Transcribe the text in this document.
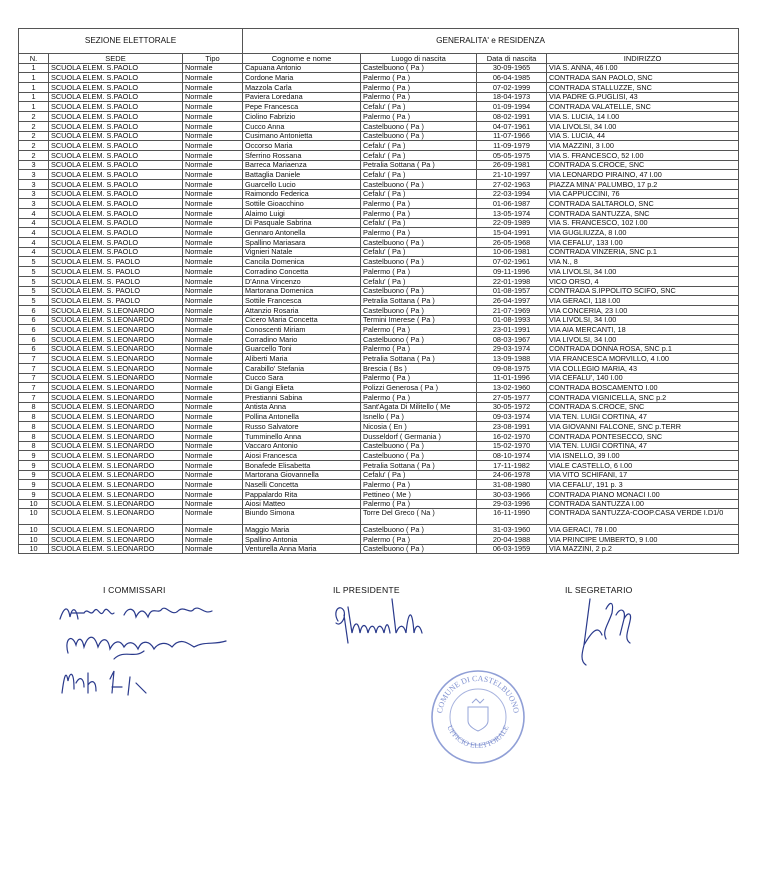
SEZIONE ELETTORALE			GENERALITA' e RESIDENZA			
N.	SEDE	Tipo	Cognome e nome	Luogo di nascita	Data di nascita	INDIRIZZO
1	SCUOLA ELEM. S.PAOLO	Normale	Capuana Antonio	Castelbuono ( Pa )	30-09-1965	VIA S. ANNA, 46 I.00
1	SCUOLA ELEM. S.PAOLO	Normale	Cordone Maria	Palermo ( Pa )	06-04-1985	CONTRADA SAN PAOLO, SNC
1	SCUOLA ELEM. S.PAOLO	Normale	Mazzola Carla	Palermo ( Pa )	07-02-1999	CONTRADA STALLUZZE, SNC
1	SCUOLA ELEM. S.PAOLO	Normale	Paviera Loredana	Palermo ( Pa )	18-04-1973	VIA PADRE G.PUGLISI, 43
1	SCUOLA ELEM. S.PAOLO	Normale	Pepe Francesca	Cefalu' ( Pa )	01-09-1994	CONTRADA VALATELLE, SNC
2	SCUOLA ELEM. S.PAOLO	Normale	Ciolino Fabrizio	Palermo ( Pa )	08-02-1991	VIA S. LUCIA, 14 I.00
2	SCUOLA ELEM. S.PAOLO	Normale	Cucco Anna	Castelbuono ( Pa )	04-07-1961	VIA LIVOLSI, 34 I.00
2	SCUOLA ELEM. S.PAOLO	Normale	Cusimano Antonietta	Castelbuono ( Pa )	11-07-1966	VIA S. LUCIA, 44
2	SCUOLA ELEM. S.PAOLO	Normale	Occorso Maria	Cefalu' ( Pa )	11-09-1979	VIA MAZZINI, 3 I.00
2	SCUOLA ELEM. S.PAOLO	Normale	Sferrino Rossana	Cefalu' ( Pa )	05-05-1975	VIA S. FRANCESCO, 52 I.00
3	SCUOLA ELEM. S.PAOLO	Normale	Barreca Mariaenza	Petralia Sottana ( Pa )	26-09-1981	CONTRADA S.CROCE, SNC
3	SCUOLA ELEM. S.PAOLO	Normale	Battaglia Daniele	Cefalu' ( Pa )	21-10-1997	VIA LEONARDO PIRAINO, 47 I.00
3	SCUOLA ELEM. S.PAOLO	Normale	Guarcello Lucio	Castelbuono ( Pa )	27-02-1963	PIAZZA MINA' PALUMBO, 17 p.2
3	SCUOLA ELEM. S.PAOLO	Normale	Raimondo Federica	Cefalu' ( Pa )	22-03-1994	VIA CAPPUCCINI, 76
3	SCUOLA ELEM. S.PAOLO	Normale	Sottile Gioacchino	Palermo ( Pa )	01-06-1987	CONTRADA SALTAROLO, SNC
4	SCUOLA ELEM. S.PAOLO	Normale	Alaimo Luigi	Palermo ( Pa )	13-05-1974	CONTRADA SANTUZZA, SNC
4	SCUOLA ELEM. S.PAOLO	Normale	Di Pasquale Sabrina	Cefalu' ( Pa )	22-09-1989	VIA S. FRANCESCO, 102 I.00
4	SCUOLA ELEM. S.PAOLO	Normale	Gennaro Antonella	Palermo ( Pa )	15-04-1991	VIA GUGLIUZZA, 8 I.00
4	SCUOLA ELEM. S.PAOLO	Normale	Spallino Mariasara	Castelbuono ( Pa )	26-05-1968	VIA CEFALU', 133 I.00
4	SCUOLA ELEM. S.PAOLO	Normale	Vignieri Natale	Cefalu' ( Pa )	10-06-1981	CONTRADA VINZERIA, SNC p.1
5	SCUOLA ELEM. S. PAOLO	Normale	Cancila Domenica	Castelbuono ( Pa )	07-02-1961	VIA N., 8
5	SCUOLA ELEM. S. PAOLO	Normale	Corradino Concetta	Palermo ( Pa )	09-11-1996	VIA LIVOLSI, 34 I.00
5	SCUOLA ELEM. S. PAOLO	Normale	D'Anna Vincenzo	Cefalu' ( Pa )	22-01-1998	VICO ORSO, 4
5	SCUOLA ELEM. S. PAOLO	Normale	Martorana Domenica	Castelbuono ( Pa )	01-08-1957	CONTRADA S.IPPOLITO SCIFO, SNC
5	SCUOLA ELEM. S. PAOLO	Normale	Sottile Francesca	Petralia Sottana ( Pa )	26-04-1997	VIA GERACI, 118 I.00
6	SCUOLA ELEM. S.LEONARDO	Normale	Attanzio Rosaria	Castelbuono ( Pa )	21-07-1969	VIA CONCERIA, 23 I.00
6	SCUOLA ELEM. S.LEONARDO	Normale	Cicero Maria Concetta	Termini Imerese ( Pa )	01-08-1993	VIA LIVOLSI, 34 I.00
6	SCUOLA ELEM. S.LEONARDO	Normale	Conoscenti Miriam	Palermo ( Pa )	23-01-1991	VIA AIA MERCANTI, 18
6	SCUOLA ELEM. S.LEONARDO	Normale	Corradino Mario	Castelbuono ( Pa )	08-03-1967	VIA LIVOLSI, 34 I.00
6	SCUOLA ELEM. S.LEONARDO	Normale	Guarcello Toni	Palermo ( Pa )	29-03-1974	CONTRADA DONNA ROSA, SNC p.1
7	SCUOLA ELEM. S.LEONARDO	Normale	Aliberti Maria	Petralia Sottana ( Pa )	13-09-1988	VIA FRANCESCA MORVILLO, 4 I.00
7	SCUOLA ELEM. S.LEONARDO	Normale	Carabillo' Stefania	Brescia ( Bs )	09-08-1975	VIA COLLEGIO MARIA, 43
7	SCUOLA ELEM. S.LEONARDO	Normale	Cucco Sara	Palermo ( Pa )	11-01-1996	VIA CEFALU', 140 I.00
7	SCUOLA ELEM. S.LEONARDO	Normale	Di Gangi Elieta	Polizzi Generosa ( Pa )	13-02-1960	CONTRADA BOSCAMENTO I.00
7	SCUOLA ELEM. S.LEONARDO	Normale	Prestianni Sabina	Palermo ( Pa )	27-05-1977	CONTRADA VIGNICELLA, SNC p.2
8	SCUOLA ELEM. S.LEONARDO	Normale	Antista Anna	Sant'Agata Di Militello ( Me	30-05-1972	CONTRADA S.CROCE, SNC
8	SCUOLA ELEM. S.LEONARDO	Normale	Pollina Antonella	Isnello ( Pa )	09-03-1974	VIA TEN. LUIGI CORTINA, 47
8	SCUOLA ELEM. S.LEONARDO	Normale	Russo Salvatore	Nicosia ( En )	23-08-1991	VIA GIOVANNI FALCONE, SNC p.TERR
8	SCUOLA ELEM. S.LEONARDO	Normale	Tumminello Anna	Dusseldorf ( Germania )	16-02-1970	CONTRADA PONTESECCO, SNC
8	SCUOLA ELEM. S.LEONARDO	Normale	Vaccaro Antonio	Castelbuono ( Pa )	15-02-1970	VIA TEN. LUIGI CORTINA, 47
9	SCUOLA ELEM. S.LEONARDO	Normale	Aiosi Francesca	Castelbuono ( Pa )	08-10-1974	VIA ISNELLO, 39 I.00
9	SCUOLA ELEM. S.LEONARDO	Normale	Bonafede Elisabetta	Petralia Sottana ( Pa )	17-11-1982	VIALE CASTELLO, 6 I.00
9	SCUOLA ELEM. S.LEONARDO	Normale	Martorana Giovannella	Cefalu' ( Pa )	24-06-1978	VIA VITO SCHIFANI, 17
9	SCUOLA ELEM. S.LEONARDO	Normale	Naselli Concetta	Palermo ( Pa )	31-08-1980	VIA CEFALU', 191 p. 3
9	SCUOLA ELEM. S.LEONARDO	Normale	Pappalardo Rita	Pettineo ( Me )	30-03-1966	CONTRADA PIANO MONACI I.00
10	SCUOLA ELEM. S.LEONARDO	Normale	Aiosi Matteo	Palermo ( Pa )	29-03-1996	CONTRADA SANTUZZA I.00
10	SCUOLA ELEM. S.LEONARDO	Normale	Biundo Simona	Torre Del Greco ( Na )	16-11-1990	CONTRADA SANTUZZA-COOP.CASA VERDE I.D1/0
10	SCUOLA ELEM. S.LEONARDO	Normale	Maggio Maria	Castelbuono ( Pa )	31-03-1960	VIA GERACI, 78 I.00
10	SCUOLA ELEM. S.LEONARDO	Normale	Spallino Antonia	Palermo ( Pa )	20-04-1988	VIA PRINCIPE UMBERTO, 9 I.00
10	SCUOLA ELEM. S.LEONARDO	Normale	Venturella Anna Maria	Castelbuono ( Pa )	06-03-1959	VIA MAZZINI, 2 p.2
I COMMISSARI	IL PRESIDENTE	IL SEGRETARIO
COMUNE DI CASTELBUONO
UFFICIO ELETTORALE
